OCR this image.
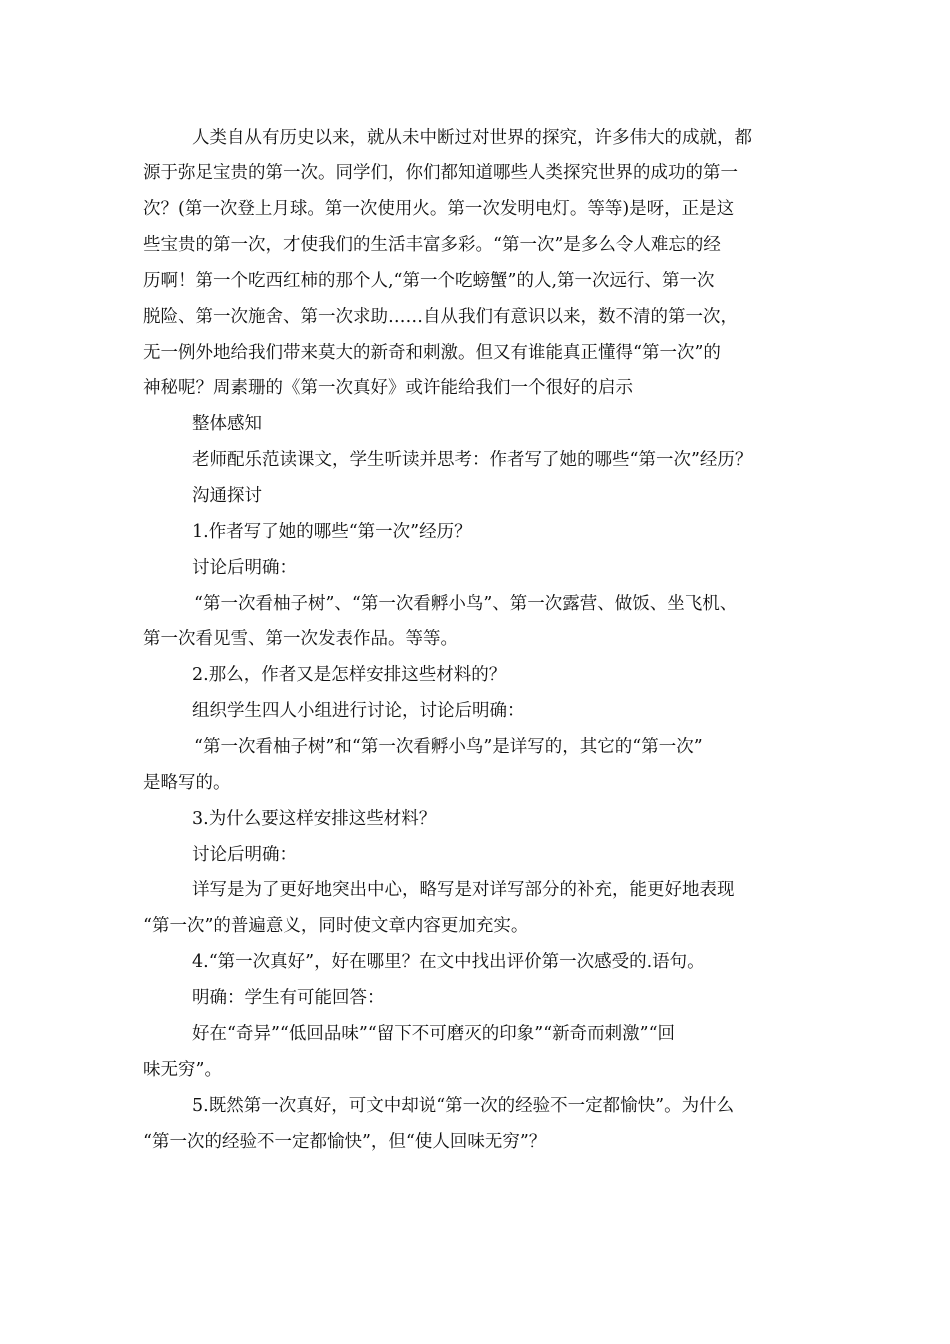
人类自从有历史以来，就从未中断过对世界的探究，许多伟大的成就，都
源于弥足宝贵的第一次。同学们，你们都知道哪些人类探究世界的成功的第一
次？(第一次登上月球。第一次使用火。第一次发明电灯。等等)是呀，正是这
些宝贵的第一次，才使我们的生活丰富多彩。“第一次”是多么令人难忘的经
历啊！第一个吃西红柿的那个人,“第一个吃螃蟹”的人,第一次远行、第一次
脱险、第一次施舍、第一次求助……自从我们有意识以来，数不清的第一次，
无一例外地给我们带来莫大的新奇和刺激。但又有谁能真正懂得“第一次”的
神秘呢？周素珊的《第一次真好》或许能给我们一个很好的启示
整体感知
老师配乐范读课文，学生听读并思考：作者写了她的哪些“第一次”经历？
沟通探讨
1.作者写了她的哪些“第一次”经历？
讨论后明确：
“第一次看柚子树”、“第一次看孵小鸟”、第一次露营、做饭、坐飞机、
第一次看见雪、第一次发表作品。等等。
2.那么，作者又是怎样安排这些材料的？
组织学生四人小组进行讨论，讨论后明确：
“第一次看柚子树”和“第一次看孵小鸟”是详写的，其它的“第一次”
是略写的。
3.为什么要这样安排这些材料？
讨论后明确：
详写是为了更好地突出中心，略写是对详写部分的补充，能更好地表现
“第一次”的普遍意义，同时使文章内容更加充实。
4.“第一次真好”，好在哪里？在文中找出评价第一次感受的.语句。
明确：学生有可能回答：
好在“奇异”“低回品味”“留下不可磨灭的印象”“新奇而刺激”“回
味无穷”。
5.既然第一次真好，可文中却说“第一次的经验不一定都愉快”。为什么
“第一次的经验不一定都愉快”，但“使人回味无穷”？
